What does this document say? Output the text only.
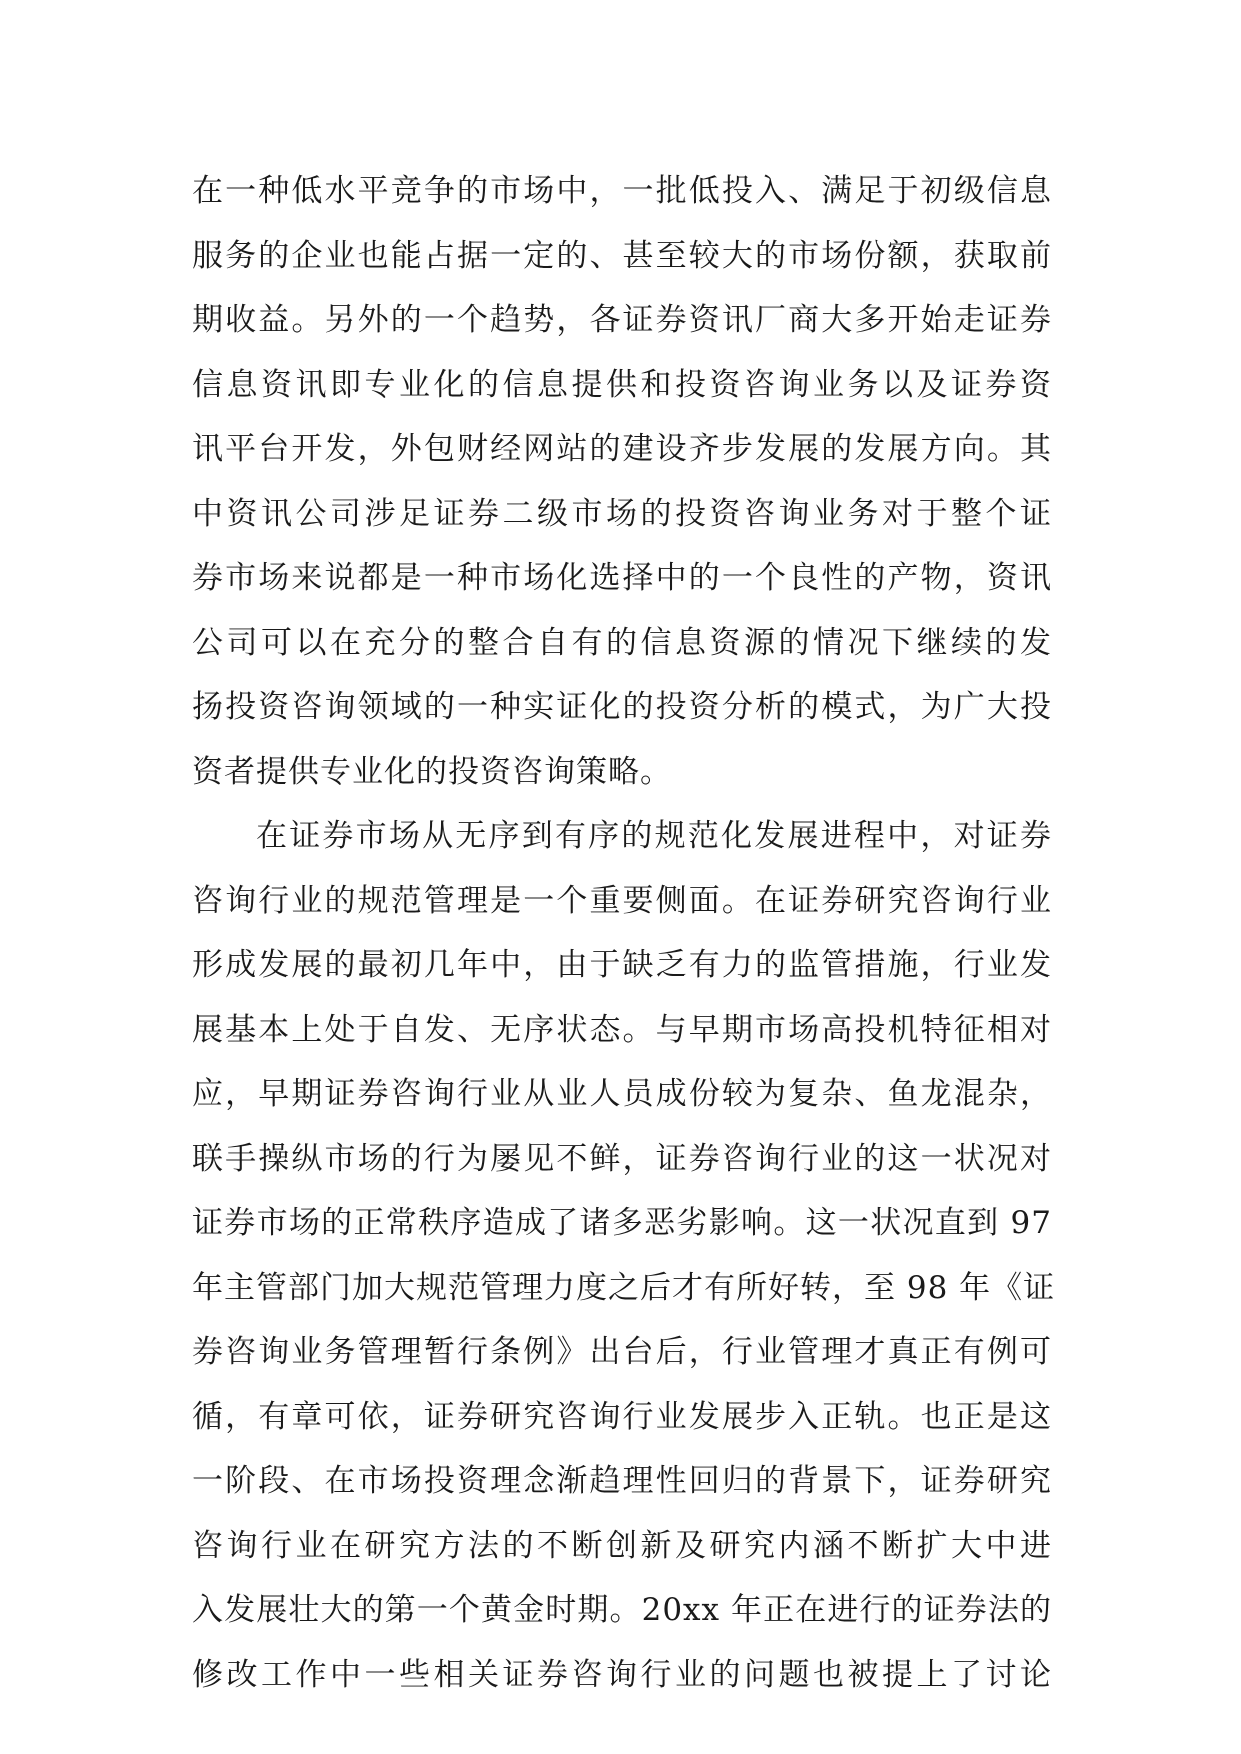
在一种低水平竞争的市场中，一批低投入、满足于初级信息
服务的企业也能占据一定的、甚至较大的市场份额，获取前
期收益。另外的一个趋势，各证券资讯厂商大多开始走证券
信息资讯即专业化的信息提供和投资咨询业务以及证券资
讯平台开发，外包财经网站的建设齐步发展的发展方向。其
中资讯公司涉足证券二级市场的投资咨询业务对于整个证
券市场来说都是一种市场化选择中的一个良性的产物，资讯
公司可以在充分的整合自有的信息资源的情况下继续的发
扬投资咨询领域的一种实证化的投资分析的模式，为广大投
资者提供专业化的投资咨询策略。
在证券市场从无序到有序的规范化发展进程中，对证券
咨询行业的规范管理是一个重要侧面。在证券研究咨询行业
形成发展的最初几年中，由于缺乏有力的监管措施，行业发
展基本上处于自发、无序状态。与早期市场高投机特征相对
应，早期证券咨询行业从业人员成份较为复杂、鱼龙混杂，
联手操纵市场的行为屡见不鲜，证券咨询行业的这一状况对
证券市场的正常秩序造成了诸多恶劣影响。这一状况直到 97
年主管部门加大规范管理力度之后才有所好转，至 98 年《证
券咨询业务管理暂行条例》出台后，行业管理才真正有例可
循，有章可依，证券研究咨询行业发展步入正轨。也正是这
一阶段、在市场投资理念渐趋理性回归的背景下，证券研究
咨询行业在研究方法的不断创新及研究内涵不断扩大中进
入发展壮大的第一个黄金时期。20xx 年正在进行的证券法的
修改工作中一些相关证券咨询行业的问题也被提上了讨论
